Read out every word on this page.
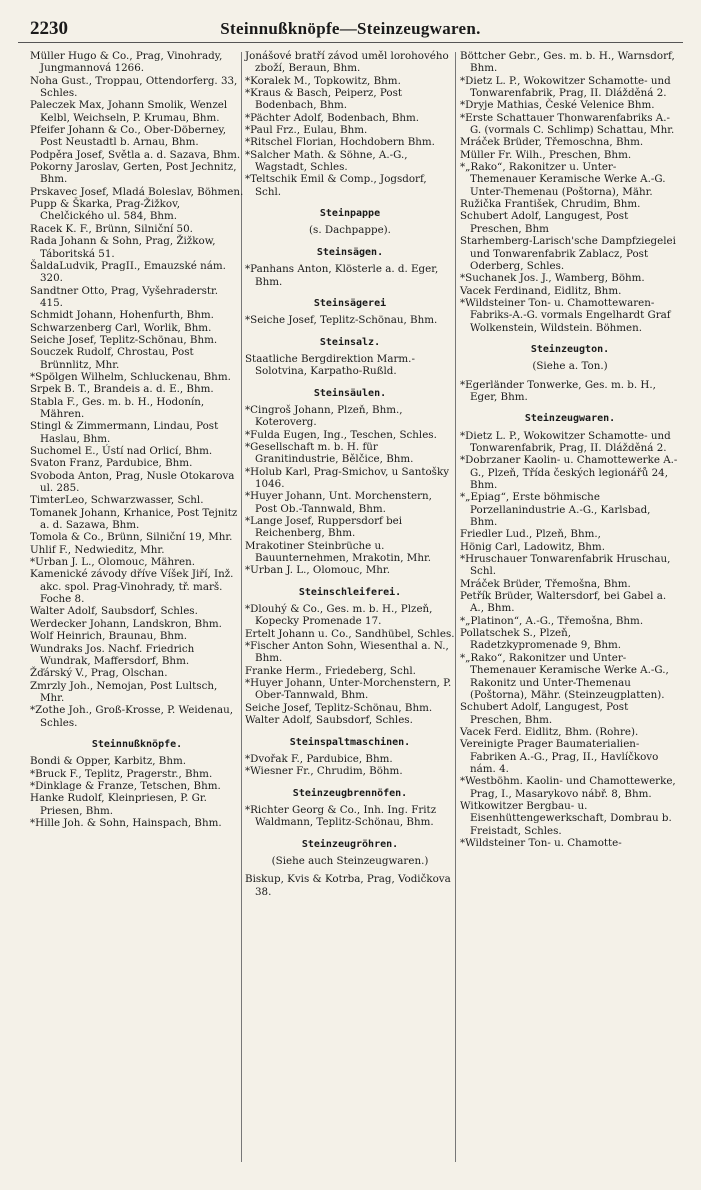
2230	Steinnußknöpfe—Steinzeugwaren.
Müller Hugo & Co., Prag, Vinohrady, Jungmannová 1266.
Noha Gust., Troppau, Ottendorferg. 33, Schles.
Paleczek Max, Johann Smolik, Wenzel Kelbl, Weichseln, P. Krumau, Bhm.
Pfeifer Johann & Co., Ober-Döberney, Post Neustadtl b. Arnau, Bhm.
Podpěra Josef, Světla a. d. Sazava, Bhm.
Pokorny Jaroslav, Gerten, Post Jechnitz, Bhm.
Prskavec Josef, Mladá Boleslav, Böhmen.
Pupp & Škarka, Prag-Žižkov, Chelčického ul. 584, Bhm.
Racek K. F., Brünn, Silniční 50.
Rada Johann & Sohn, Prag, Žižkow, Táboritská 51.
ŠaldaLudvik, PragII., Emauzské nám. 320.
Sandtner Otto, Prag, Vyšehraderstr. 415.
Schmidt Johann, Hohenfurth, Bhm.
Schwarzenberg Carl, Worlik, Bhm.
Seiche Josef, Teplitz-Schönau, Bhm.
Souczek Rudolf, Chrostau, Post Brünnlitz, Mhr.
*Spölgen Wilhelm, Schluckenau, Bhm.
Srpek B. T., Brandeis a. d. E., Bhm.
Stabla F., Ges. m. b. H., Hodonín, Mähren.
Stingl & Zimmermann, Lindau, Post Haslau, Bhm.
Suchomel E., Ústí nad Orlicí, Bhm.
Svaton Franz, Pardubice, Bhm.
Svoboda Anton, Prag, Nusle Otokarova ul. 285.
TimterLeo, Schwarzwasser, Schl.
Tomanek Johann, Krhanice, Post Tejnitz a. d. Sazawa, Bhm.
Tomola & Co., Brünn, Silniční 19, Mhr.
Uhlif F., Nedwieditz, Mhr.
*Urban J. L., Olomouc, Mähren.
Kamenické závody dříve Víšek Jiří, Inž. akc. spol. Prag-Vinohrady, tř. marš. Foche 8.
Walter Adolf, Saubsdorf, Schles.
Werdecker Johann, Landskron, Bhm.
Wolf Heinrich, Braunau, Bhm.
Wundraks Jos. Nachf. Friedrich Wundrak, Maffersdorf, Bhm.
Žďárský V., Prag, Olschan.
Zmrzly Joh., Nemojan, Post Lultsch, Mhr.
*Zothe Joh., Groß-Krosse, P. Weidenau, Schles.
Steinnußknöpfe.
Bondi & Opper, Karbitz, Bhm.
*Bruck F., Teplitz, Pragerstr., Bhm.
*Dinklage & Franze, Tetschen, Bhm.
Hanke Rudolf, Kleinpriesen, P. Gr. Priesen, Bhm.
*Hille Joh. & Sohn, Hainspach, Bhm.
Jonášové bratří závod uměl lorohového zboží, Beraun, Bhm.
*Koralek M., Topkowitz, Bhm.
*Kraus & Basch, Peiperz, Post Bodenbach, Bhm.
*Pächter Adolf, Bodenbach, Bhm.
*Paul Frz., Eulau, Bhm.
*Ritschel Florian, Hochdobern Bhm.
*Salcher Math. & Söhne, A.-G., Wagstadt, Schles.
*Teltschik Emil & Comp., Jogsdorf, Schl.
Steinpappe
(s. Dachpappe).
Steinsägen.
*Panhans Anton, Klösterle a. d. Eger, Bhm.
Steinsägerei
*Seiche Josef, Teplitz-Schönau, Bhm.
Steinsalz.
Staatliche Bergdirektion Marm.-Solotvina, Karpatho-Rußld.
Steinsäulen.
*Cingroš Johann, Plzeň, Bhm., Koteroverg.
*Fulda Eugen, Ing., Teschen, Schles.
*Gesellschaft m. b. H. für Granitindustrie, Bělčice, Bhm.
*Holub Karl, Prag-Smichov, u Santošky 1046.
*Huyer Johann, Unt. Morchenstern, Post Ob.-Tannwald, Bhm.
*Lange Josef, Ruppersdorf bei Reichenberg, Bhm.
Mrakotiner Steinbrüche u. Bauunternehmen, Mrakotin, Mhr.
*Urban J. L., Olomouc, Mhr.
Steinschleiferei.
*Dlouhý & Co., Ges. m. b. H., Plzeň, Kopecky Promenade 17.
Ertelt Johann u. Co., Sandhübel, Schles.
*Fischer Anton Sohn, Wiesenthal a. N., Bhm.
Franke Herm., Friedeberg, Schl.
*Huyer Johann, Unter-Morchenstern, P. Ober-Tannwald, Bhm.
Seiche Josef, Teplitz-Schönau, Bhm.
Walter Adolf, Saubsdorf, Schles.
Steinspaltmaschinen.
*Dvořak F., Pardubice, Bhm.
*Wiesner Fr., Chrudim, Böhm.
Steinzeugbrennöfen.
*Richter Georg & Co., Inh. Ing. Fritz Waldmann, Teplitz-Schönau, Bhm.
Steinzeugröhren.
(Siehe auch Steinzeugwaren.)
Biskup, Kvis & Kotrba, Prag, Vodičkova 38.
Böttcher Gebr., Ges. m. b. H., Warnsdorf, Bhm.
*Dietz L. P., Wokowitzer Schamotte- und Tonwarenfabrik, Prag, II. Dlážděná 2.
*Dryje Mathias, České Velenice Bhm.
*Erste Schattauer Thonwarenfabriks A.-G. (vormals C. Schlimp) Schattau, Mhr.
Mráček Brüder, Třemoschna, Bhm.
Müller Fr. Wilh., Preschen, Bhm.
*„Rako“, Rakonitzer u. Unter-Themenauer Keramische Werke A.-G. Unter-Themenau (Poštorna), Mähr.
Ružička František, Chrudim, Bhm.
Schubert Adolf, Langugest, Post Preschen, Bhm
Starhemberg-Larisch'sche Dampfziegelei und Tonwarenfabrik Zablacz, Post Oderberg, Schles.
*Suchanek Jos. J., Wamberg, Böhm.
Vacek Ferdinand, Eidlitz, Bhm.
*Wildsteiner Ton- u. Chamottewaren-Fabriks-A.-G. vormals Engelhardt Graf Wolkenstein, Wildstein. Böhmen.
Steinzeugton.
(Siehe a. Ton.)
*Egerländer Tonwerke, Ges. m. b. H., Eger, Bhm.
Steinzeugwaren.
*Dietz L. P., Wokowitzer Schamotte- und Tonwarenfabrik, Prag, II. Dlážděná 2.
*Dobrzaner Kaolin- u. Chamottewerke A.-G., Plzeň, Třída českých legionářů 24, Bhm.
*„Epiag“, Erste böhmische Porzellanindustrie A.-G., Karlsbad, Bhm.
Friedler Lud., Plzeň, Bhm.,
Hönig Carl, Ladowitz, Bhm.
*Hruschauer Tonwarenfabrik Hruschau, Schl.
Mráček Brüder, Třemošna, Bhm.
Petřík Brüder, Waltersdorf, bei Gabel a. A., Bhm.
*„Platinon“, A.-G., Třemošna, Bhm.
Pollatschek S., Plzeň, Radetzkypromenade 9, Bhm.
*„Rako“, Rakonitzer und Unter-Themenauer Keramische Werke A.-G., Rakonitz und Unter-Themenau (Poštorna), Mähr. (Steinzeugplatten).
Schubert Adolf, Langugest, Post Preschen, Bhm.
Vacek Ferd. Eidlitz, Bhm. (Rohre).
Vereinigte Prager Baumaterialien-Fabriken A.-G., Prag, II., Havlíčkovo nám. 4.
*Westböhm. Kaolin- und Chamottewerke, Prag, I., Masarykovo nábř. 8, Bhm.
Witkowitzer Bergbau- u. Eisenhüttengewerkschaft, Dombrau b. Freistadt, Schles.
*Wildsteiner Ton- u. Chamotte-
